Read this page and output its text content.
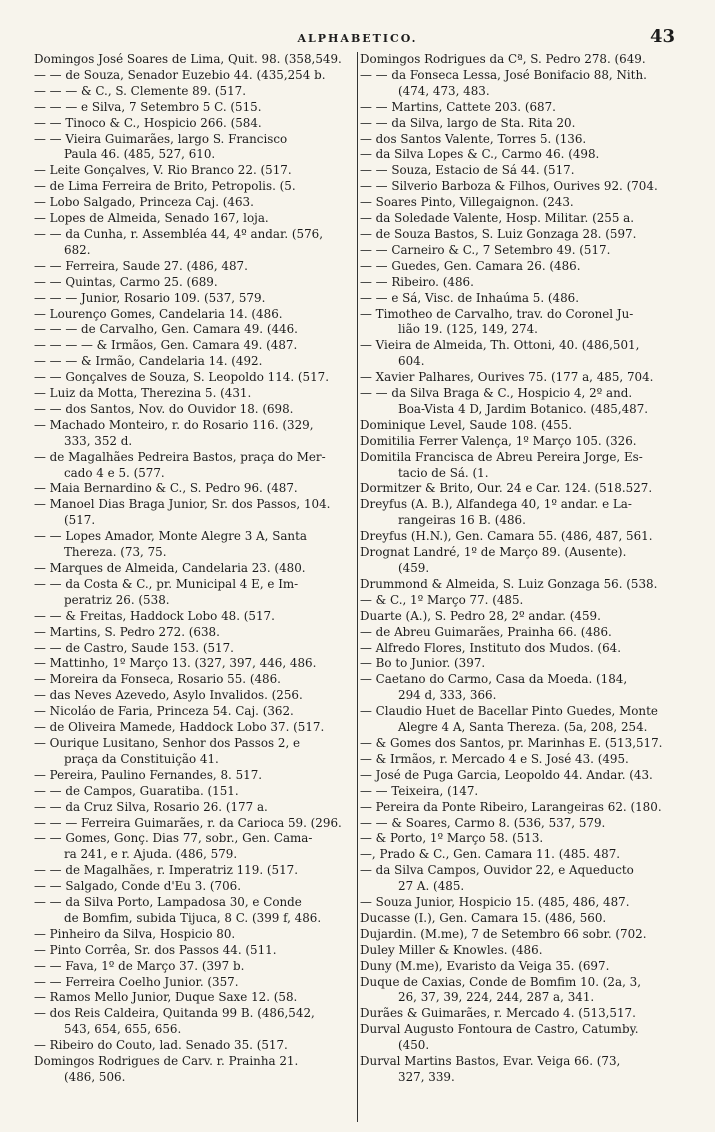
ALPHABETICO.	43
Domingos José Soares de Lima, Quit. 98. (358,549.
— — de Souza, Senador Euzebio 44. (435,254 b.
— — — & C., S. Clemente 89. (517.
— — — e Silva, 7 Setembro 5 C. (515.
— — Tinoco & C., Hospicio 266. (584.
— — Vieira Guimarães, largo S. Francisco
Paula 46. (485, 527, 610.
— Leite Gonçalves, V. Rio Branco 22. (517.
— de Lima Ferreira de Brito, Petropolis. (5.
— Lobo Salgado, Princeza Caj. (463.
— Lopes de Almeida, Senado 167, loja.
— — da Cunha, r. Assembléa 44, 4º andar. (576,
682.
— — Ferreira, Saude 27. (486, 487.
— — Quintas, Carmo 25. (689.
— — — Junior, Rosario 109. (537, 579.
— Lourenço Gomes, Candelaria 14. (486.
— — — de Carvalho, Gen. Camara 49. (446.
— — — — & Irmãos, Gen. Camara 49. (487.
— — — & Irmão, Candelaria 14. (492.
— — Gonçalves de Souza, S. Leopoldo 114. (517.
— Luiz da Motta, Therezina 5. (431.
— — dos Santos, Nov. do Ouvidor 18. (698.
— Machado Monteiro, r. do Rosario 116. (329,
333, 352 d.
— de Magalhães Pedreira Bastos, praça do Mer-
cado 4 e 5. (577.
— Maia Bernardino & C., S. Pedro 96. (487.
— Manoel Dias Braga Junior, Sr. dos Passos, 104.
(517.
— — Lopes Amador, Monte Alegre 3 A, Santa
Thereza. (73, 75.
— Marques de Almeida, Candelaria 23. (480.
— — da Costa & C., pr. Municipal 4 E, e Im-
peratriz 26. (538.
— — & Freitas, Haddock Lobo 48. (517.
— Martins, S. Pedro 272. (638.
— — de Castro, Saude 153. (517.
— Mattinho, 1º Março 13. (327, 397, 446, 486.
— Moreira da Fonseca, Rosario 55. (486.
— das Neves Azevedo, Asylo Invalidos. (256.
— Nicoláo de Faria, Princeza 54. Caj. (362.
— de Oliveira Mamede, Haddock Lobo 37. (517.
— Ourique Lusitano, Senhor dos Passos 2, e
praça da Constituição 41.
— Pereira, Paulino Fernandes, 8. 517.
— — de Campos, Guaratiba. (151.
— — da Cruz Silva, Rosario 26. (177 a.
— — — Ferreira Guimarães, r. da Carioca 59. (296.
— — Gomes, Gonç. Dias 77, sobr., Gen. Cama-
ra 241, e r. Ajuda. (486, 579.
— — de Magalhães, r. Imperatriz 119. (517.
— — Salgado, Conde d'Eu 3. (706.
— — da Silva Porto, Lampadosa 30, e Conde
de Bomfim, subida Tijuca, 8 C. (399 f, 486.
— Pinheiro da Silva, Hospicio 80.
— Pinto Corrêa, Sr. dos Passos 44. (511.
— — Fava, 1º de Março 37. (397 b.
— — Ferreira Coelho Junior. (357.
— Ramos Mello Junior, Duque Saxe 12. (58.
— dos Reis Caldeira, Quitanda 99 B. (486,542,
543, 654, 655, 656.
— Ribeiro do Couto, lad. Senado 35. (517.
Domingos Rodrigues de Carv. r. Prainha 21.
(486, 506.
Domingos Rodrigues da Cª, S. Pedro 278. (649.
— — da Fonseca Lessa, José Bonifacio 88, Nith.
(474, 473, 483.
— — Martins, Cattete 203. (687.
— — da Silva, largo de Sta. Rita 20.
— dos Santos Valente, Torres 5. (136.
— da Silva Lopes & C., Carmo 46. (498.
— — Souza, Estacio de Sá 44. (517.
— — Silverio Barboza & Filhos, Ourives 92. (704.
— Soares Pinto, Villegaignon. (243.
— da Soledade Valente, Hosp. Militar. (255 a.
— de Souza Bastos, S. Luiz Gonzaga 28. (597.
— — Carneiro & C., 7 Setembro 49. (517.
— — Guedes, Gen. Camara 26. (486.
— — Ribeiro. (486.
— — e Sá, Visc. de Inhaúma 5. (486.
— Timotheo de Carvalho, trav. do Coronel Ju-
lião 19. (125, 149, 274.
— Vieira de Almeida, Th. Ottoni, 40. (486,501,
604.
— Xavier Palhares, Ourives 75. (177 a, 485, 704.
— — da Silva Braga & C., Hospicio 4, 2º and.
Boa-Vista 4 D, Jardim Botanico. (485,487.
Dominique Level, Saude 108. (455.
Domitilia Ferrer Valença, 1º Março 105. (326.
Domitila Francisca de Abreu Pereira Jorge, Es-
tacio de Sá. (1.
Dormitzer & Brito, Our. 24 e Car. 124. (518.527.
Dreyfus (A. B.), Alfandega 40, 1º andar. e La-
rangeiras 16 B. (486.
Dreyfus (H.N.), Gen. Camara 55. (486, 487, 561.
Drognat Landré, 1º de Março 89. (Ausente).
(459.
Drummond & Almeida, S. Luiz Gonzaga 56. (538.
— & C., 1º Março 77. (485.
Duarte (A.), S. Pedro 28, 2º andar. (459.
— de Abreu Guimarães, Prainha 66. (486.
— Alfredo Flores, Instituto dos Mudos. (64.
— Bo to Junior. (397.
— Caetano do Carmo, Casa da Moeda. (184,
294 d, 333, 366.
— Claudio Huet de Bacellar Pinto Guedes, Monte
Alegre 4 A, Santa Thereza. (5a, 208, 254.
— & Gomes dos Santos, pr. Marinhas E. (513,517.
— & Irmãos, r. Mercado 4 e S. José 43. (495.
— José de Puga Garcia, Leopoldo 44. Andar. (43.
— — Teixeira, (147.
— Pereira da Ponte Ribeiro, Larangeiras 62. (180.
— — & Soares, Carmo 8. (536, 537, 579.
— & Porto, 1º Março 58. (513.
—, Prado & C., Gen. Camara 11. (485. 487.
— da Silva Campos, Ouvidor 22, e Aqueducto
27 A. (485.
— Souza Junior, Hospicio 15. (485, 486, 487.
Ducasse (I.), Gen. Camara 15. (486, 560.
Dujardin. (M.me), 7 de Setembro 66 sobr. (702.
Duley Miller & Knowles. (486.
Duny (M.me), Evaristo da Veiga 35. (697.
Duque de Caxias, Conde de Bomfim 10. (2a, 3,
26, 37, 39, 224, 244, 287 a, 341.
Durães & Guimarães, r. Mercado 4. (513,517.
Durval Augusto Fontoura de Castro, Catumby.
(450.
Durval Martins Bastos, Evar. Veiga 66. (73,
327, 339.
